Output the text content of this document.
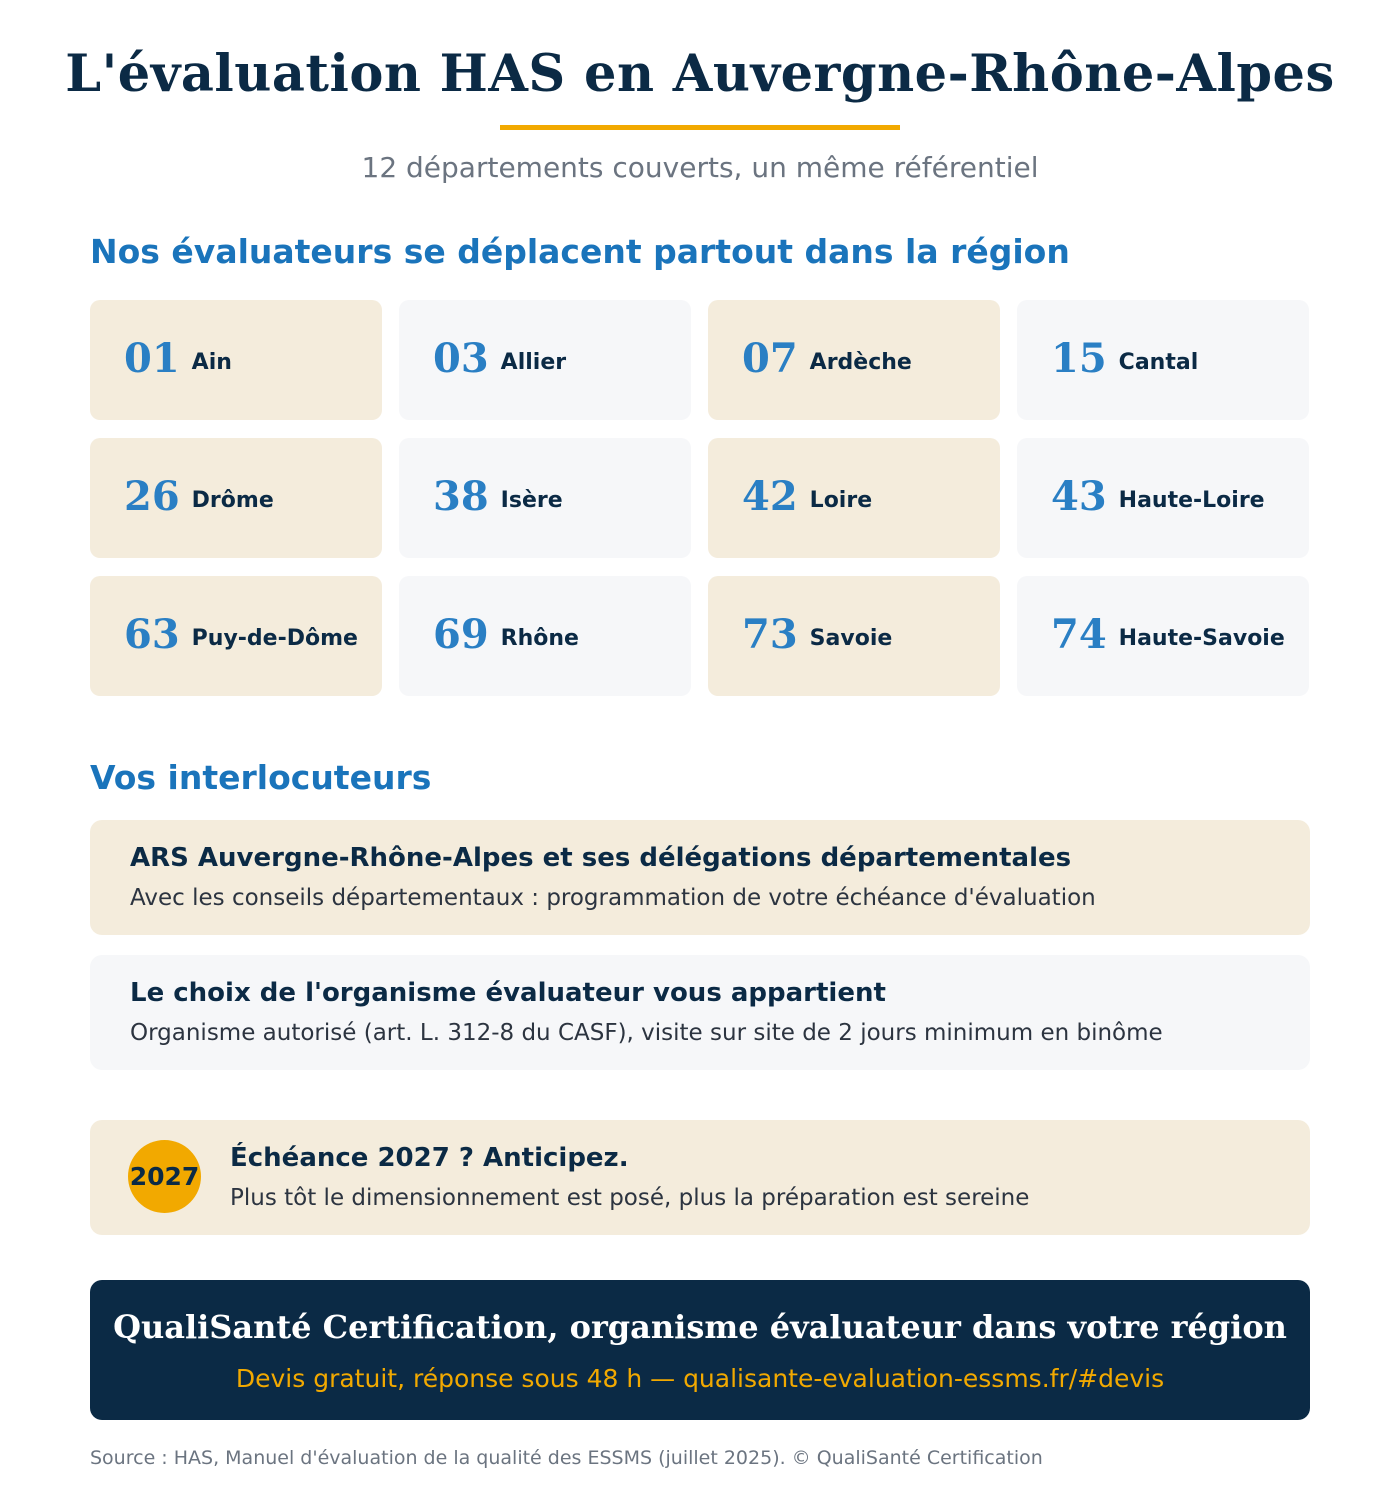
L'évaluation HAS en Auvergne-Rhône-Alpes

12 départements couverts, un même référentiel

Nos évaluateurs se déplacent partout dans la région
01 Ain	03 Allier	07 Ardèche	15 Cantal
26 Drôme	38 Isère	42 Loire	43 Haute-Loire
63 Puy-de-Dôme 69 Rhône	73 Savoie	74 Haute-Savoie
Vos interlocuteurs
ARS Auvergne-Rhône-Alpes et ses délégations départementales
Avec les conseils départementaux : programmation de votre échéance d'évaluation
Le choix de l'organisme évaluateur vous appartient
Organisme autorisé (art. L. 312-8 du CASF), visite sur site de 2 jours minimum en binôme
2027
Échéance 2027 ? Anticipez.
Plus tôt le dimensionnement est posé, plus la préparation est sereine
QualiSanté Certification, organisme évaluateur dans votre région
Devis gratuit, réponse sous 48 h — qualisante-evaluation-essms.fr/#devis

Source : HAS, Manuel d'évaluation de la qualité des ESSMS (juillet 2025). © QualiSanté Certification
